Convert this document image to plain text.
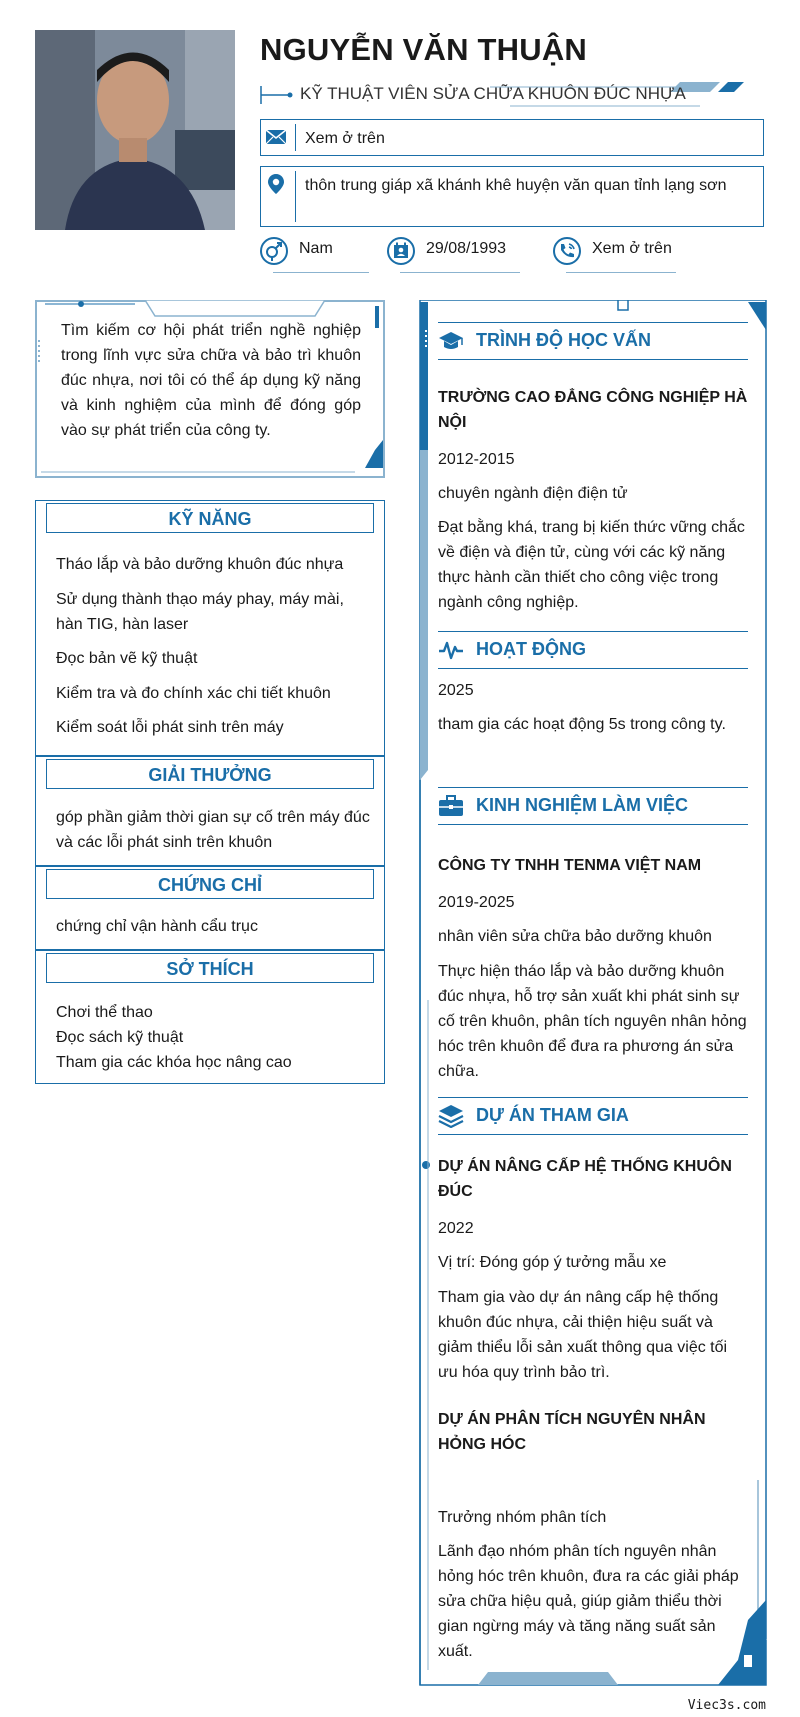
NGUYỄN VĂN THUẬN
KỸ THUẬT VIÊN SỬA CHỮA KHUÔN ĐÚC NHỰA
Xem ở trên
thôn trung giáp xã khánh khê huyện văn quan tỉnh lạng sơn
Nam	29/08/1993	Xem ở trên
Tìm kiếm cơ hội phát triển nghề nghiệp trong lĩnh vực sửa chữa và bảo trì khuôn đúc nhựa, nơi tôi có thể áp dụng kỹ năng và kinh nghiệm của mình để đóng góp vào sự phát triển của công ty.
KỸ NĂNG
Tháo lắp và bảo dưỡng khuôn đúc nhựa
Sử dụng thành thạo máy phay, máy mài, hàn TIG, hàn laser
Đọc bản vẽ kỹ thuật
Kiểm tra và đo chính xác chi tiết khuôn
Kiểm soát lỗi phát sinh trên máy
GIẢI THƯỞNG
góp phần giảm thời gian sự cố trên máy đúc và các lỗi phát sinh trên khuôn
CHỨNG CHỈ
chứng chỉ vận hành cẩu trục
SỞ THÍCH
Chơi thể thao
Đọc sách kỹ thuật
Tham gia các khóa học nâng cao
TRÌNH ĐỘ HỌC VẤN
TRƯỜNG CAO ĐẲNG CÔNG NGHIỆP HÀ NỘI
2012-2015
chuyên ngành điện điện tử
Đạt bằng khá, trang bị kiến thức vững chắc về điện và điện tử, cùng với các kỹ năng thực hành cần thiết cho công việc trong ngành công nghiệp.
HOẠT ĐỘNG
2025
tham gia các hoạt động 5s trong công ty.
KINH NGHIỆM LÀM VIỆC
CÔNG TY TNHH TENMA VIỆT NAM
2019-2025
nhân viên sửa chữa bảo dưỡng khuôn
Thực hiện tháo lắp và bảo dưỡng khuôn đúc nhựa, hỗ trợ sản xuất khi phát sinh sự cố trên khuôn, phân tích nguyên nhân hỏng hóc trên khuôn để đưa ra phương án sửa chữa.
DỰ ÁN THAM GIA
DỰ ÁN NÂNG CẤP HỆ THỐNG KHUÔN ĐÚC
2022
Vị trí: Đóng góp ý tưởng mẫu xe
Tham gia vào dự án nâng cấp hệ thống khuôn đúc nhựa, cải thiện hiệu suất và giảm thiểu lỗi sản xuất thông qua việc tối ưu hóa quy trình bảo trì.
DỰ ÁN PHÂN TÍCH NGUYÊN NHÂN HỎNG HÓC
Trưởng nhóm phân tích
Lãnh đạo nhóm phân tích nguyên nhân hỏng hóc trên khuôn, đưa ra các giải pháp sửa chữa hiệu quả, giúp giảm thiểu thời gian ngừng máy và tăng năng suất sản xuất.
Viec3s.com
